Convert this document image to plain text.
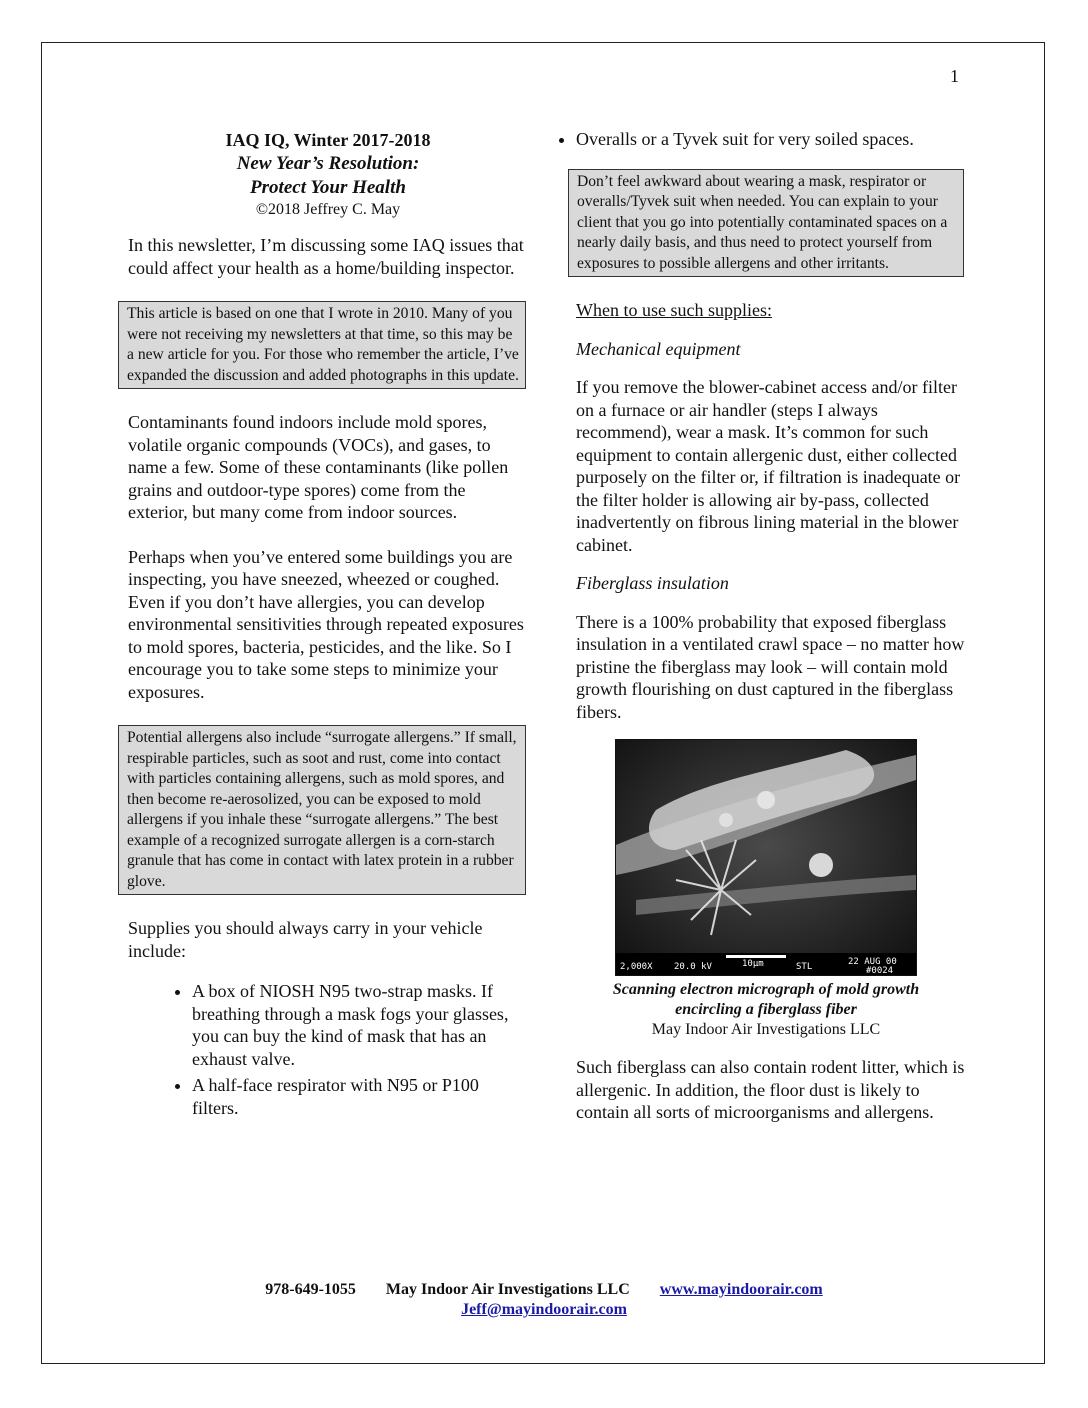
1
IAQ IQ, Winter 2017-2018
New Year’s Resolution:
Protect Your Health
©2018 Jeffrey C. May

In this newsletter, I’m discussing some IAQ issues that could affect your health as a home/building inspector.

This article is based on one that I wrote in 2010. Many of you were not receiving my newsletters at that time, so this may be a new article for you. For those who remember the article, I’ve expanded the discussion and added photographs in this update.

Contaminants found indoors include mold spores, volatile organic compounds (VOCs), and gases, to name a few. Some of these contaminants (like pollen grains and outdoor-type spores) come from the exterior, but many come from indoor sources.

Perhaps when you’ve entered some buildings you are inspecting, you have sneezed, wheezed or coughed. Even if you don’t have allergies, you can develop environmental sensitivities through repeated exposures to mold spores, bacteria, pesticides, and the like. So I encourage you to take some steps to minimize your exposures.

Potential allergens also include “surrogate allergens.” If small, respirable particles, such as soot and rust, come into contact with particles containing allergens, such as mold spores, and then become re-aerosolized, you can be exposed to mold allergens if you inhale these “surrogate allergens.” The best example of a recognized surrogate allergen is a corn-starch granule that has come in contact with latex protein in a rubber glove.

Supplies you should always carry in your vehicle include:

• A box of NIOSH N95 two-strap masks. If breathing through a mask fogs your glasses, you can buy the kind of mask that has an exhaust valve.
• A half-face respirator with N95 or P100 filters.
• Overalls or a Tyvek suit for very soiled spaces.
Don’t feel awkward about wearing a mask, respirator or overalls/Tyvek suit when needed. You can explain to your client that you go into potentially contaminated spaces on a nearly daily basis, and thus need to protect yourself from exposures to possible allergens and other irritants.

When to use such supplies:

Mechanical equipment

If you remove the blower-cabinet access and/or filter on a furnace or air handler (steps I always recommend), wear a mask. It’s common for such equipment to contain allergenic dust, either collected purposely on the filter or, if filtration is inadequate or the filter holder is allowing air by-pass, collected inadvertently on fibrous lining material in the blower cabinet.

Fiberglass insulation

There is a 100% probability that exposed fiberglass insulation in a ventilated crawl space – no matter how pristine the fiberglass may look – will contain mold growth flourishing on dust captured in the fiberglass fibers.

2,000X 20.0 kV	10µm	STL	22 AUG 00
#0024
Scanning electron micrograph of mold growth
encircling a fiberglass fiber
May Indoor Air Investigations LLC

Such fiberglass can also contain rodent litter, which is allergenic. In addition, the floor dust is likely to contain all sorts of microorganisms and allergens.

978-649-1055 May Indoor Air Investigations LLC www.mayindoorair.com
Jeff@mayindoorair.com
